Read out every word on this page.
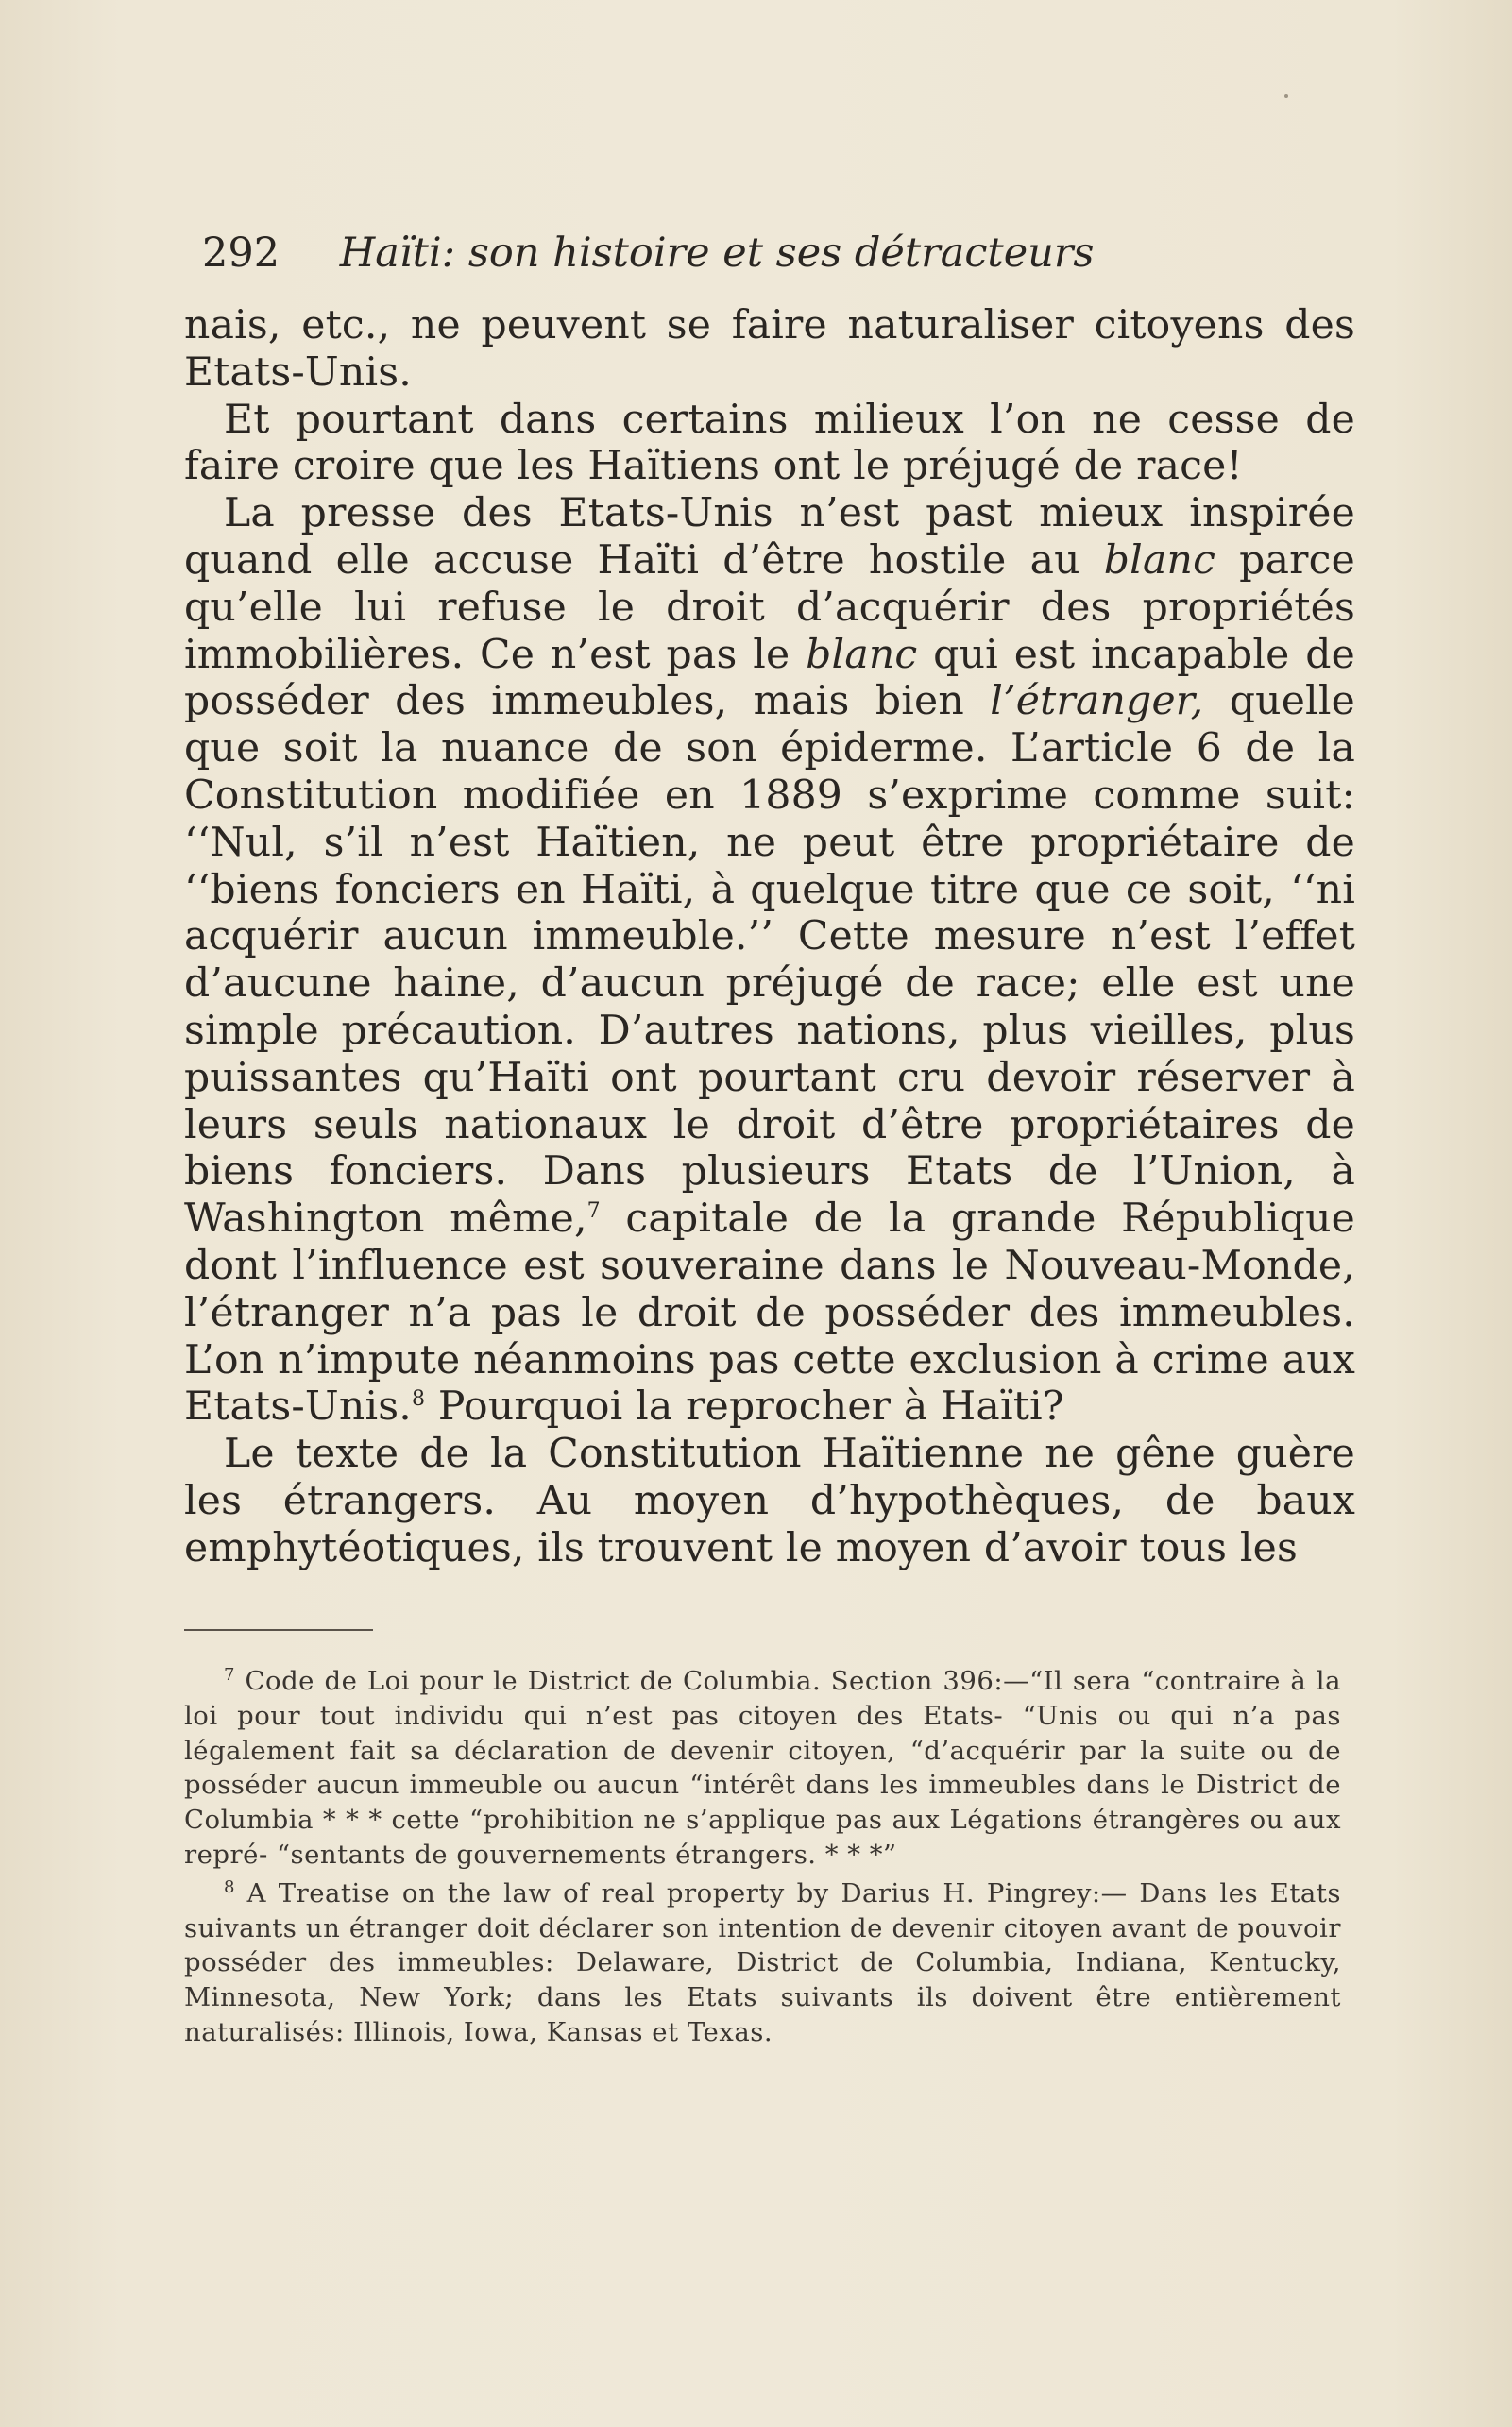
292 Haïti: son histoire et ses détracteurs

nais, etc., ne peuvent se faire naturaliser citoyens des Etats-Unis.

Et pourtant dans certains milieux l’on ne cesse de faire croire que les Haïtiens ont le préjugé de race!

La presse des Etats-Unis n’est past mieux inspirée quand elle accuse Haïti d’être hostile au blanc parce qu’elle lui refuse le droit d’acquérir des propriétés immobilières. Ce n’est pas le blanc qui est incapable de posséder des immeubles, mais bien l’étranger, quelle que soit la nuance de son épiderme. L’article 6 de la Constitution modifiée en 1889 s’exprime comme suit: ‘‘Nul, s’il n’est Haïtien, ne peut être propriétaire de ‘‘biens fonciers en Haïti, à quelque titre que ce soit, ‘‘ni acquérir aucun immeuble.’’ Cette mesure n’est l’effet d’aucune haine, d’aucun préjugé de race; elle est une simple précaution. D’autres nations, plus vieilles, plus puissantes qu’Haïti ont pourtant cru devoir réserver à leurs seuls nationaux le droit d’être propriétaires de biens fonciers. Dans plusieurs Etats de l’Union, à Washington même,$^7$ capitale de la grande République dont l’influence est souveraine dans le Nouveau-Monde, l’étranger n’a pas le droit de posséder des immeubles. L’on n’impute néanmoins pas cette exclusion à crime aux Etats-Unis.$^8$ Pourquoi la reprocher à Haïti?

Le texte de la Constitution Haïtienne ne gêne guère les étrangers. Au moyen d’hypothèques, de baux emphytéotiques, ils trouvent le moyen d’avoir tous les

$^7$ Code de Loi pour le District de Columbia. Section 396:—“Il sera “contraire à la loi pour tout individu qui n’est pas citoyen des Etats- “Unis ou qui n’a pas légalement fait sa déclaration de devenir citoyen, “d’acquérir par la suite ou de posséder aucun immeuble ou aucun “intérêt dans les immeubles dans le District de Columbia * * * cette “prohibition ne s’applique pas aux Légations étrangères ou aux repré- “sentants de gouvernements étrangers. * * *”

$^8$ A Treatise on the law of real property by Darius H. Pingrey:— Dans les Etats suivants un étranger doit déclarer son intention de devenir citoyen avant de pouvoir posséder des immeubles: Delaware, District de Columbia, Indiana, Kentucky, Minnesota, New York; dans les Etats suivants ils doivent être entièrement naturalisés: Illinois, Iowa, Kansas et Texas.
